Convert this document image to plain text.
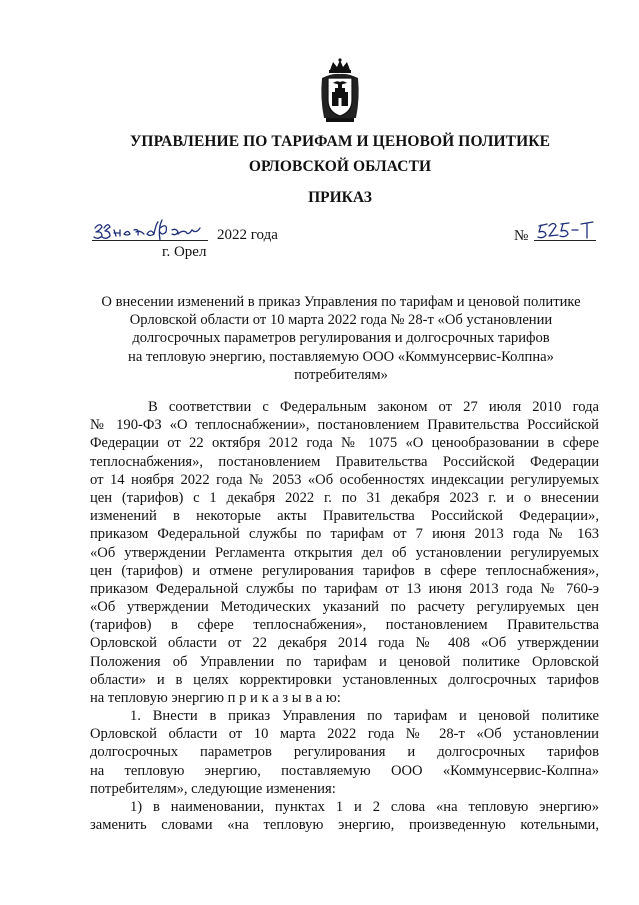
УПРАВЛЕНИЕ ПО ТАРИФАМ И ЦЕНОВОЙ ПОЛИТИКЕ
ОРЛОВСКОЙ ОБЛАСТИ
ПРИКАЗ
2022 года
г. Орел
№
О внесении изменений в приказ Управления по тарифам и ценовой политике
Орловской области от 10 марта 2022 года № 28-т «Об установлении
долгосрочных параметров регулирования и долгосрочных тарифов
на тепловую энергию, поставляемую ООО «Коммунсервис-Колпна»
потребителям»
В соответствии с Федеральным законом от 27 июля 2010 года
№ 190-ФЗ «О теплоснабжении», постановлением Правительства Российской
Федерации от 22 октября 2012 года № 1075 «О ценообразовании в сфере
теплоснабжения», постановлением Правительства Российской Федерации
от 14 ноября 2022 года № 2053 «Об особенностях индексации регулируемых
цен (тарифов) с 1 декабря 2022 г. по 31 декабря 2023 г. и о внесении
изменений в некоторые акты Правительства Российской Федерации»,
приказом Федеральной службы по тарифам от 7 июня 2013 года № 163
«Об утверждении Регламента открытия дел об установлении регулируемых
цен (тарифов) и отмене регулирования тарифов в сфере теплоснабжения»,
приказом Федеральной службы по тарифам от 13 июня 2013 года № 760-э
«Об утверждении Методических указаний по расчету регулируемых цен
(тарифов) в сфере теплоснабжения», постановлением Правительства
Орловской области от 22 декабря 2014 года № 408 «Об утверждении
Положения об Управлении по тарифам и ценовой политике Орловской
области» и в целях корректировки установленных долгосрочных тарифов
на тепловую энергию п р и к а з ы в а ю:
1. Внести в приказ Управления по тарифам и ценовой политике
Орловской области от 10 марта 2022 года № 28-т «Об установлении
долгосрочных параметров регулирования и долгосрочных тарифов
на тепловую энергию, поставляемую ООО «Коммунсервис-Колпна»
потребителям», следующие изменения:
1) в наименовании, пунктах 1 и 2 слова «на тепловую энергию»
заменить словами «на тепловую энергию, произведенную котельными,
